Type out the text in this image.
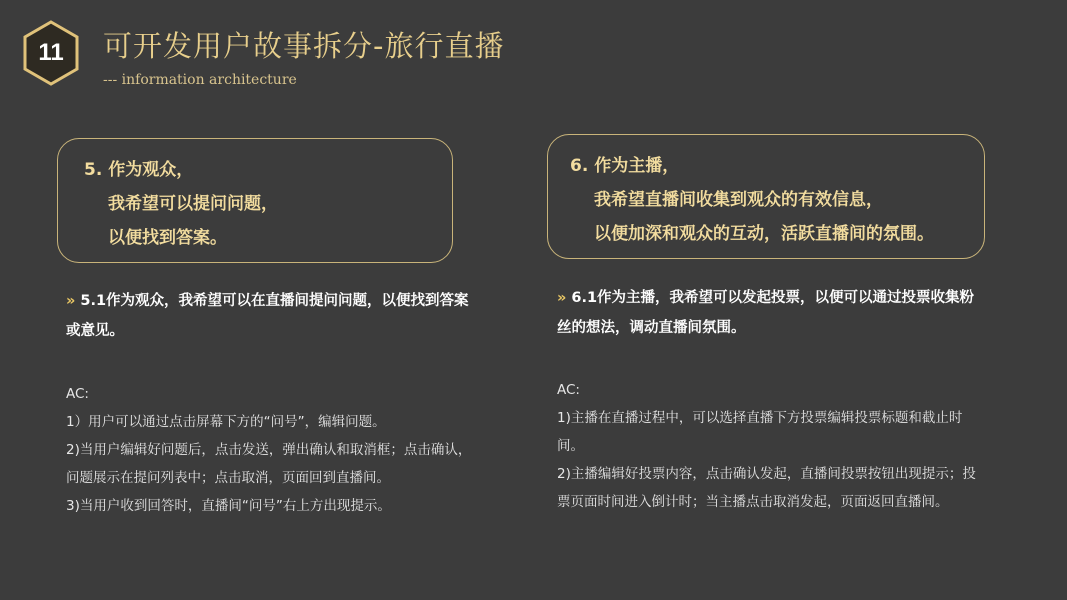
11	可开发用户故事拆分-旅行直播
--- information architecture
5. 作为观众，
我希望可以提问问题，
以便找到答案。
6. 作为主播，
我希望直播间收集到观众的有效信息，
以便加深和观众的互动，活跃直播间的氛围。
» 5.1作为观众，我希望可以在直播间提问问题，以便找到答案或意见。
» 6.1作为主播，我希望可以发起投票，以便可以通过投票收集粉丝的想法，调动直播间氛围。
AC:
1）用户可以通过点击屏幕下方的“问号”，编辑问题。
2)当用户编辑好问题后，点击发送，弹出确认和取消框；点击确认，问题展示在提问列表中；点击取消，页面回到直播间。
3)当用户收到回答时，直播间“问号”右上方出现提示。
AC:
1)主播在直播过程中，可以选择直播下方投票编辑投票标题和截止时间。
2)主播编辑好投票内容，点击确认发起，直播间投票按钮出现提示；投票页面时间进入倒计时；当主播点击取消发起，页面返回直播间。
